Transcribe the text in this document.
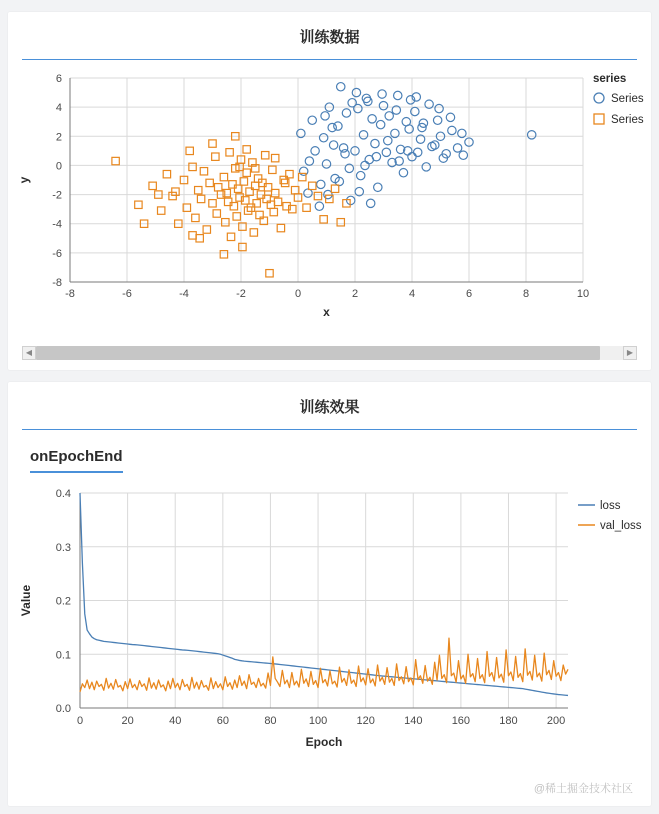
训练数据
-8	-6	-4	-2	0	2	4	6	8	10
-8
-6
-4
-2
0
2
4
6
x
y
series
Series
Series
◀	▶
训练效果
onEpochEnd
0	20	40	60	80	100	120	140	160	180	200
0.0
0.1
0.2
0.3
0.4
Epoch
Value
loss
val_loss
@稀土掘金技术社区
